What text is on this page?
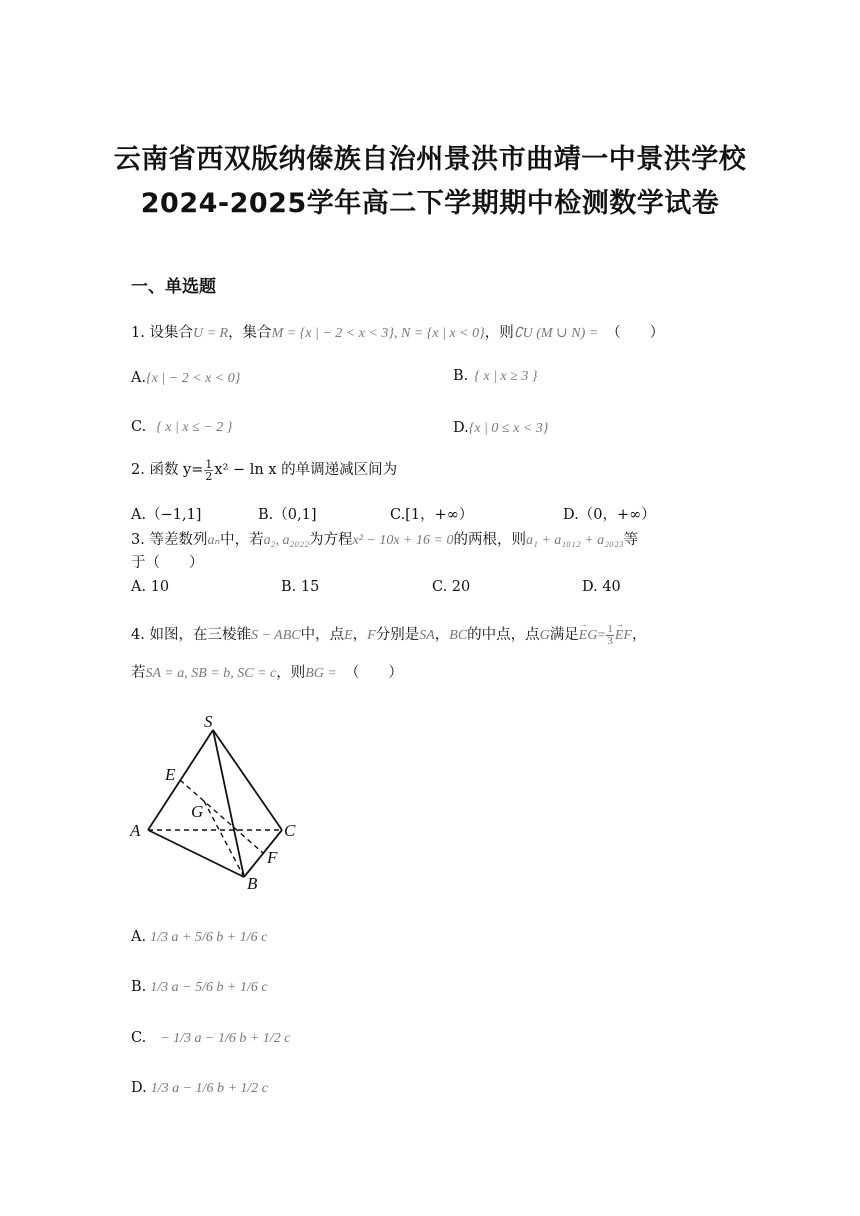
云南省西双版纳傣族自治州景洪市曲靖一中景洪学校
2024-2025学年高二下学期期中检测数学试卷
一、单选题
1. 设集合U = R，集合M = {x | − 2 < x < 3}, N = {x | x < 0}，则∁U (M ∪ N) = （　　）
A.{x | − 2 < x < 0}	B. { x | x ≥ 3 }
C. { x | x ≤ − 2 }	D.{x | 0 ≤ x < 3}
2. 函数 $y= \frac{1}{2} x^2 - \ln x$ 的单调递减区间为
A.（−1,1]	B.（0,1]	C.[1，+∞）	D.（0，+∞）
3. 等差数列aₙ中，若a₂, a₂₀₂₂为方程x² − 10x + 16 = 0的两根，则a₁ + a₁₀₁₂ + a₂₀₂₃等
于（　　）
A. 10	B. 15	C. 20	D. 40
4. 如图，在三棱锥S − ABC中，点E，F分别是SA，BC的中点，点G满足→ $EG= \frac{1}{3}$
→ EF，
若SA = a, SB = b, SC = c，则BG = （　　）
S
E
G
A	C
F
B
A. 1/3 a + 5/6 b + 1/6 c
B. 1/3 a − 5/6 b + 1/6 c
C. − 1/3 a − 1/6 b + 1/2 c
D. 1/3 a − 1/6 b + 1/2 c
